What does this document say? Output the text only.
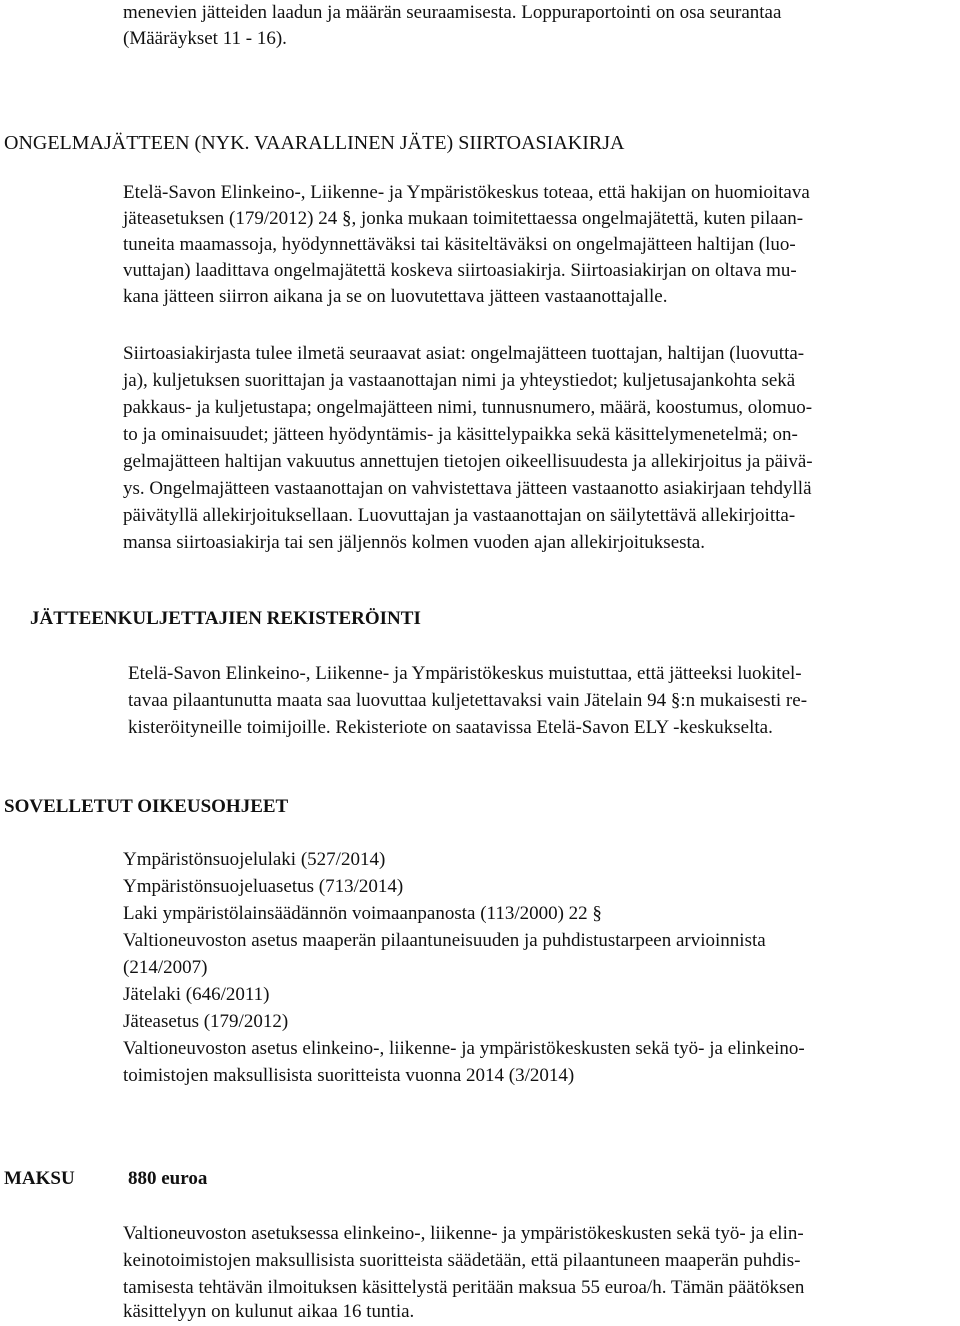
menevien jätteiden laadun ja määrän seuraamisesta. Loppuraportointi on osa seurantaa

(Määräykset 11 - 16).

ONGELMAJÄTTEEN (NYK. VAARALLINEN JÄTE) SIIRTOASIAKIRJA

Etelä-Savon Elinkeino-, Liikenne- ja Ympäristökeskus toteaa, että hakijan on huomioitava

jäteasetuksen (179/2012) 24 §, jonka mukaan toimitettaessa ongelmajätettä, kuten pilaan-

tuneita maamassoja, hyödynnettäväksi tai käsiteltäväksi on ongelmajätteen haltijan (luo-

vuttajan) laadittava ongelmajätettä koskeva siirtoasiakirja. Siirtoasiakirjan on oltava mu-

kana jätteen siirron aikana ja se on luovutettava jätteen vastaanottajalle.

Siirtoasiakirjasta tulee ilmetä seuraavat asiat: ongelmajätteen tuottajan, haltijan (luovutta-

ja), kuljetuksen suorittajan ja vastaanottajan nimi ja yhteystiedot; kuljetusajankohta sekä

pakkaus- ja kuljetustapa; ongelmajätteen nimi, tunnusnumero, määrä, koostumus, olomuo-

to ja ominaisuudet; jätteen hyödyntämis- ja käsittelypaikka sekä käsittelymenetelmä; on-

gelmajätteen haltijan vakuutus annettujen tietojen oikeellisuudesta ja allekirjoitus ja päivä-

ys. Ongelmajätteen vastaanottajan on vahvistettava jätteen vastaanotto asiakirjaan tehdyllä

päivätyllä allekirjoituksellaan. Luovuttajan ja vastaanottajan on säilytettävä allekirjoitta-

mansa siirtoasiakirja tai sen jäljennös kolmen vuoden ajan allekirjoituksesta.

JÄTTEENKULJETTAJIEN REKISTERÖINTI

Etelä-Savon Elinkeino-, Liikenne- ja Ympäristökeskus muistuttaa, että jätteeksi luokitel-

tavaa pilaantunutta maata saa luovuttaa kuljetettavaksi vain Jätelain 94 §:n mukaisesti re-

kisteröityneille toimijoille. Rekisteriote on saatavissa Etelä-Savon ELY -keskukselta.

SOVELLETUT OIKEUSOHJEET

Ympäristönsuojelulaki (527/2014)

Ympäristönsuojeluasetus (713/2014)

Laki ympäristölainsäädännön voimaanpanosta (113/2000) 22 §

Valtioneuvoston asetus maaperän pilaantuneisuuden ja puhdistustarpeen arvioinnista

(214/2007)

Jätelaki (646/2011)

Jäteasetus (179/2012)

Valtioneuvoston asetus elinkeino-, liikenne- ja ympäristökeskusten sekä työ- ja elinkeino-

toimistojen maksullisista suoritteista vuonna 2014 (3/2014)

MAKSU	880 euroa

Valtioneuvoston asetuksessa elinkeino-, liikenne- ja ympäristökeskusten sekä työ- ja elin-

keinotoimistojen maksullisista suoritteista säädetään, että pilaantuneen maaperän puhdis-

tamisesta tehtävän ilmoituksen käsittelystä peritään maksua 55 euroa/h. Tämän päätöksen

käsittelyyn on kulunut aikaa 16 tuntia.
